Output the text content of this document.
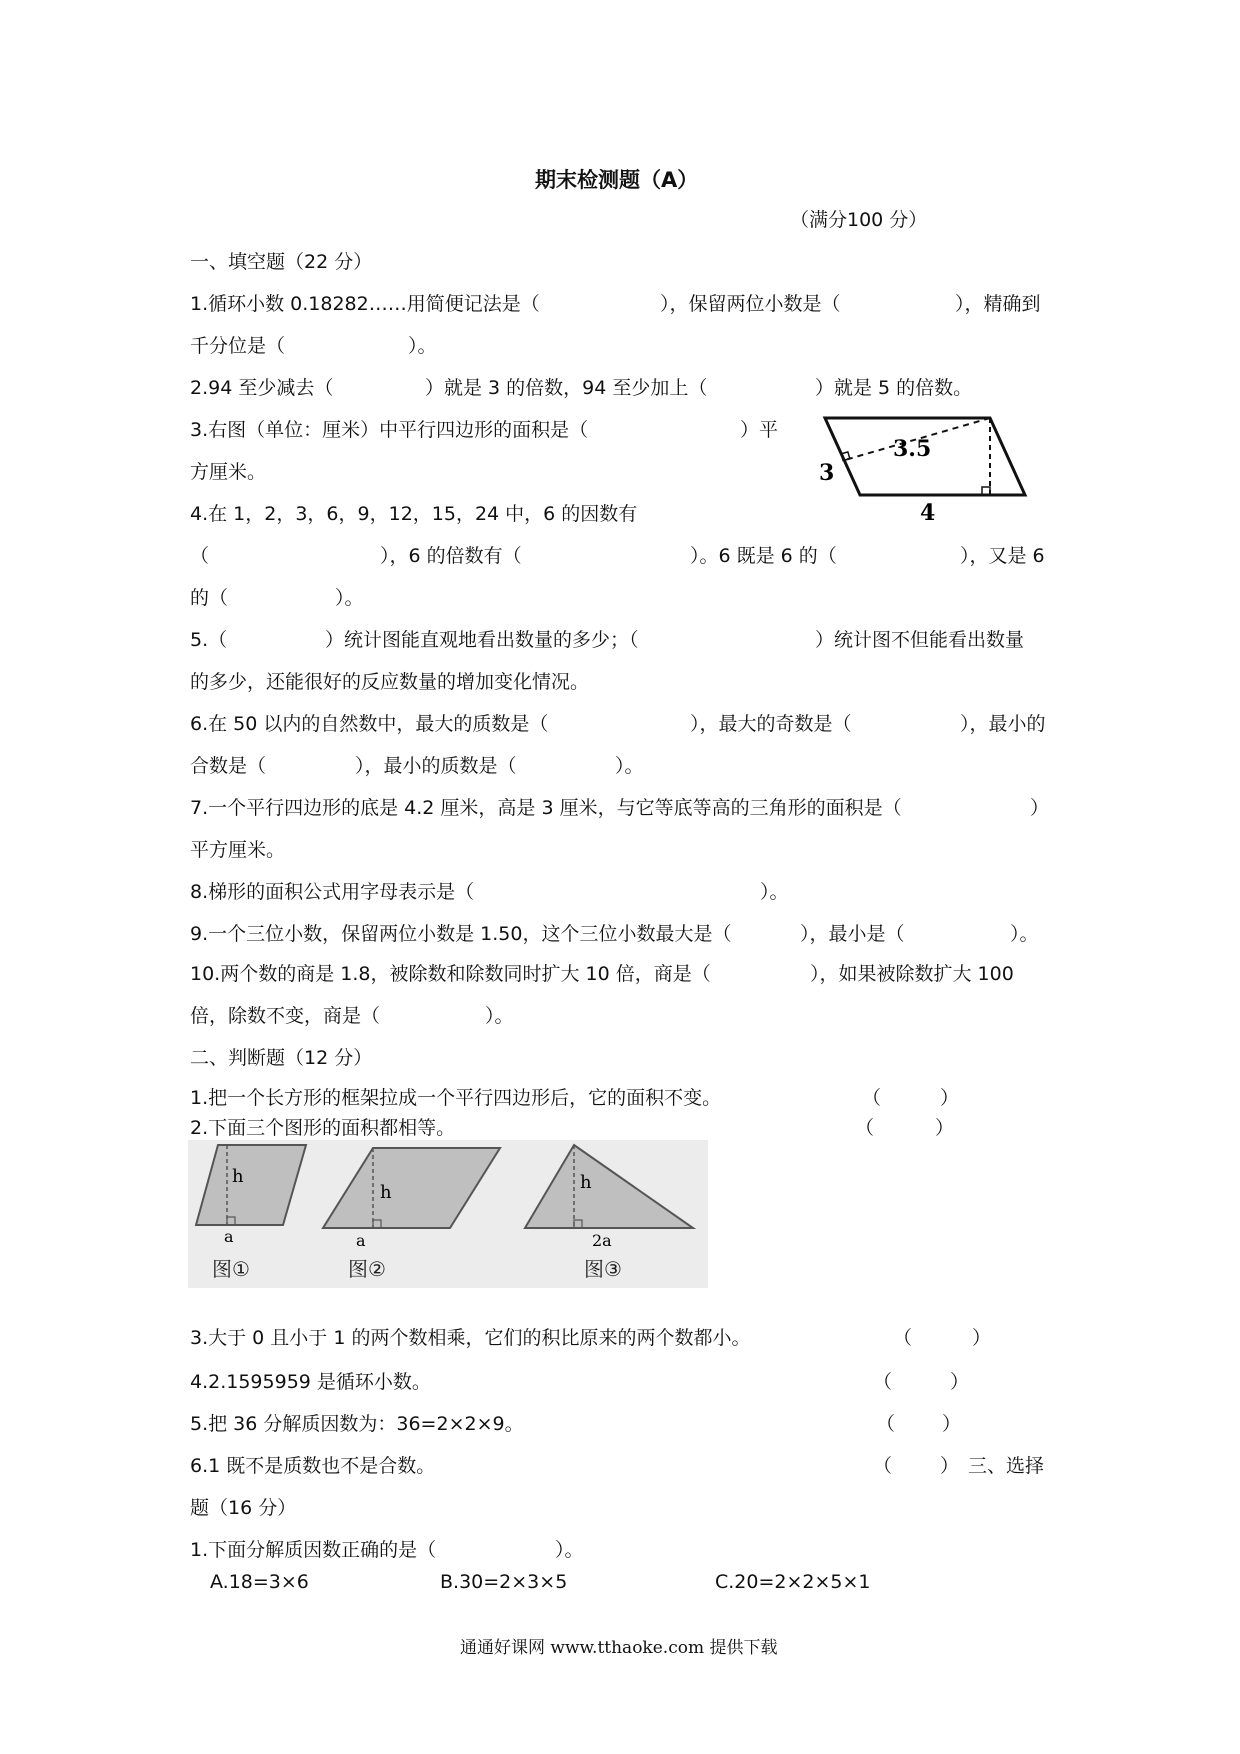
期末检测题（A）
（满分100 分）
一、填空题（22 分）
1.循环小数 0.18282……用简便记法是（	），保留两位小数是（	），精确到
千分位是（	）。
2.94 至少减去（	）就是 3 的倍数，94 至少加上（	）就是 5 的倍数。
3.右图（单位：厘米）中平行四边形的面积是（	）平
方厘米。	3
3.5
4
4.在 1，2，3，6，9，12，15，24 中，6 的因数有
（	），6 的倍数有（	）。6 既是 6 的（	），又是 6
的（	）。
5.（	）统计图能直观地看出数量的多少；（	）统计图不但能看出数量
的多少，还能很好的反应数量的增加变化情况。
6.在 50 以内的自然数中，最大的质数是（	），最大的奇数是（	），最小的
合数是（	），最小的质数是（	）。
7.一个平行四边形的底是 4.2 厘米，高是 3 厘米，与它等底等高的三角形的面积是（	）
平方厘米。
8.梯形的面积公式用字母表示是（	）。
9.一个三位小数，保留两位小数是 1.50，这个三位小数最大是（	），最小是（	）。
10.两个数的商是 1.8，被除数和除数同时扩大 10 倍，商是（	），如果被除数扩大 100
倍，除数不变，商是（	）。
二、判断题（12 分）
1.把一个长方形的框架拉成一个平行四边形后，它的面积不变。	（	）
2.下面三个图形的面积都相等。	（	）
h
a
图①
h
a
图②
h
2a
图③
3.大于 0 且小于 1 的两个数相乘，它们的积比原来的两个数都小。	（	）
4.2.1595959 是循环小数。	（	）
5.把 36 分解质因数为：36=2×2×9。	（ ）
6.1 既不是质数也不是合数。	（	） 三、选择
题（16 分）
1.下面分解质因数正确的是（	）。
A.18=3×6	B.30=2×3×5	C.20=2×2×5×1
通通好课网 www.tthaoke.com 提供下载
